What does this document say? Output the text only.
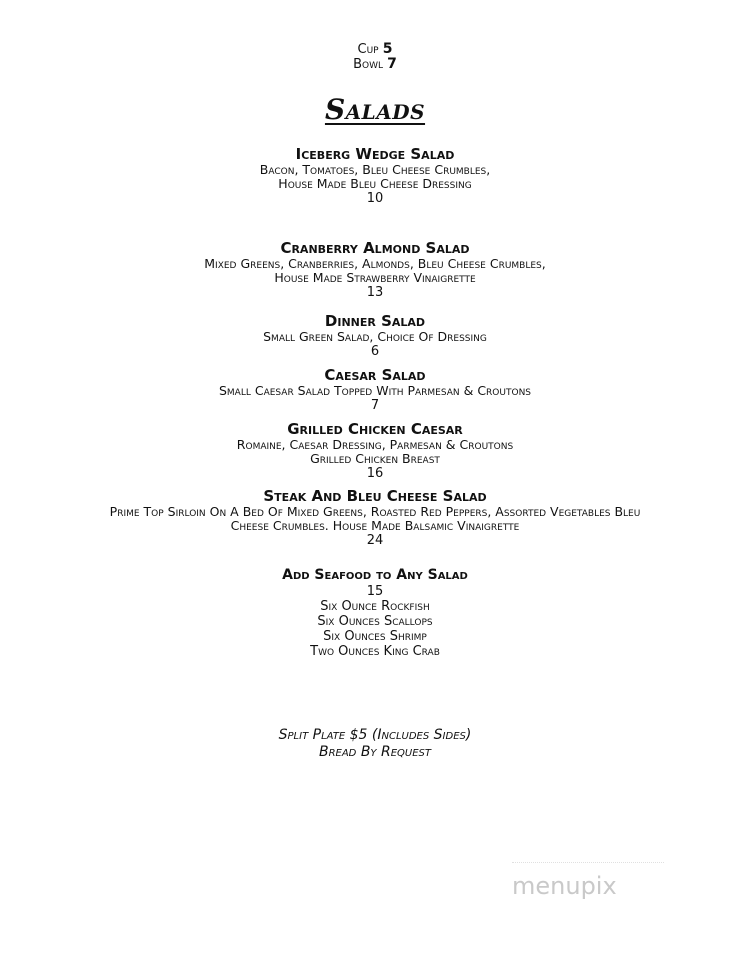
Cup 5
Bowl 7
Salads
Iceberg Wedge Salad
Bacon, Tomatoes, Bleu Cheese Crumbles,
House Made Bleu Cheese Dressing
10
Cranberry Almond Salad
Mixed Greens, Cranberries, Almonds, Bleu Cheese Crumbles,
House Made Strawberry Vinaigrette
13
Dinner Salad
Small Green Salad, Choice Of Dressing
6
Caesar Salad
Small Caesar Salad Topped With Parmesan & Croutons
7
Grilled Chicken Caesar
Romaine, Caesar Dressing, Parmesan & Croutons
Grilled Chicken Breast
16
Steak And Bleu Cheese Salad
Prime Top Sirloin On A Bed Of Mixed Greens, Roasted Red Peppers, Assorted Vegetables Bleu
Cheese Crumbles. House Made Balsamic Vinaigrette
24
Add Seafood to Any Salad
15
Six Ounce Rockfish
Six Ounces Scallops
Six Ounces Shrimp
Two Ounces King Crab
Split Plate $5 (Includes Sides)
Bread By Request
menupix
